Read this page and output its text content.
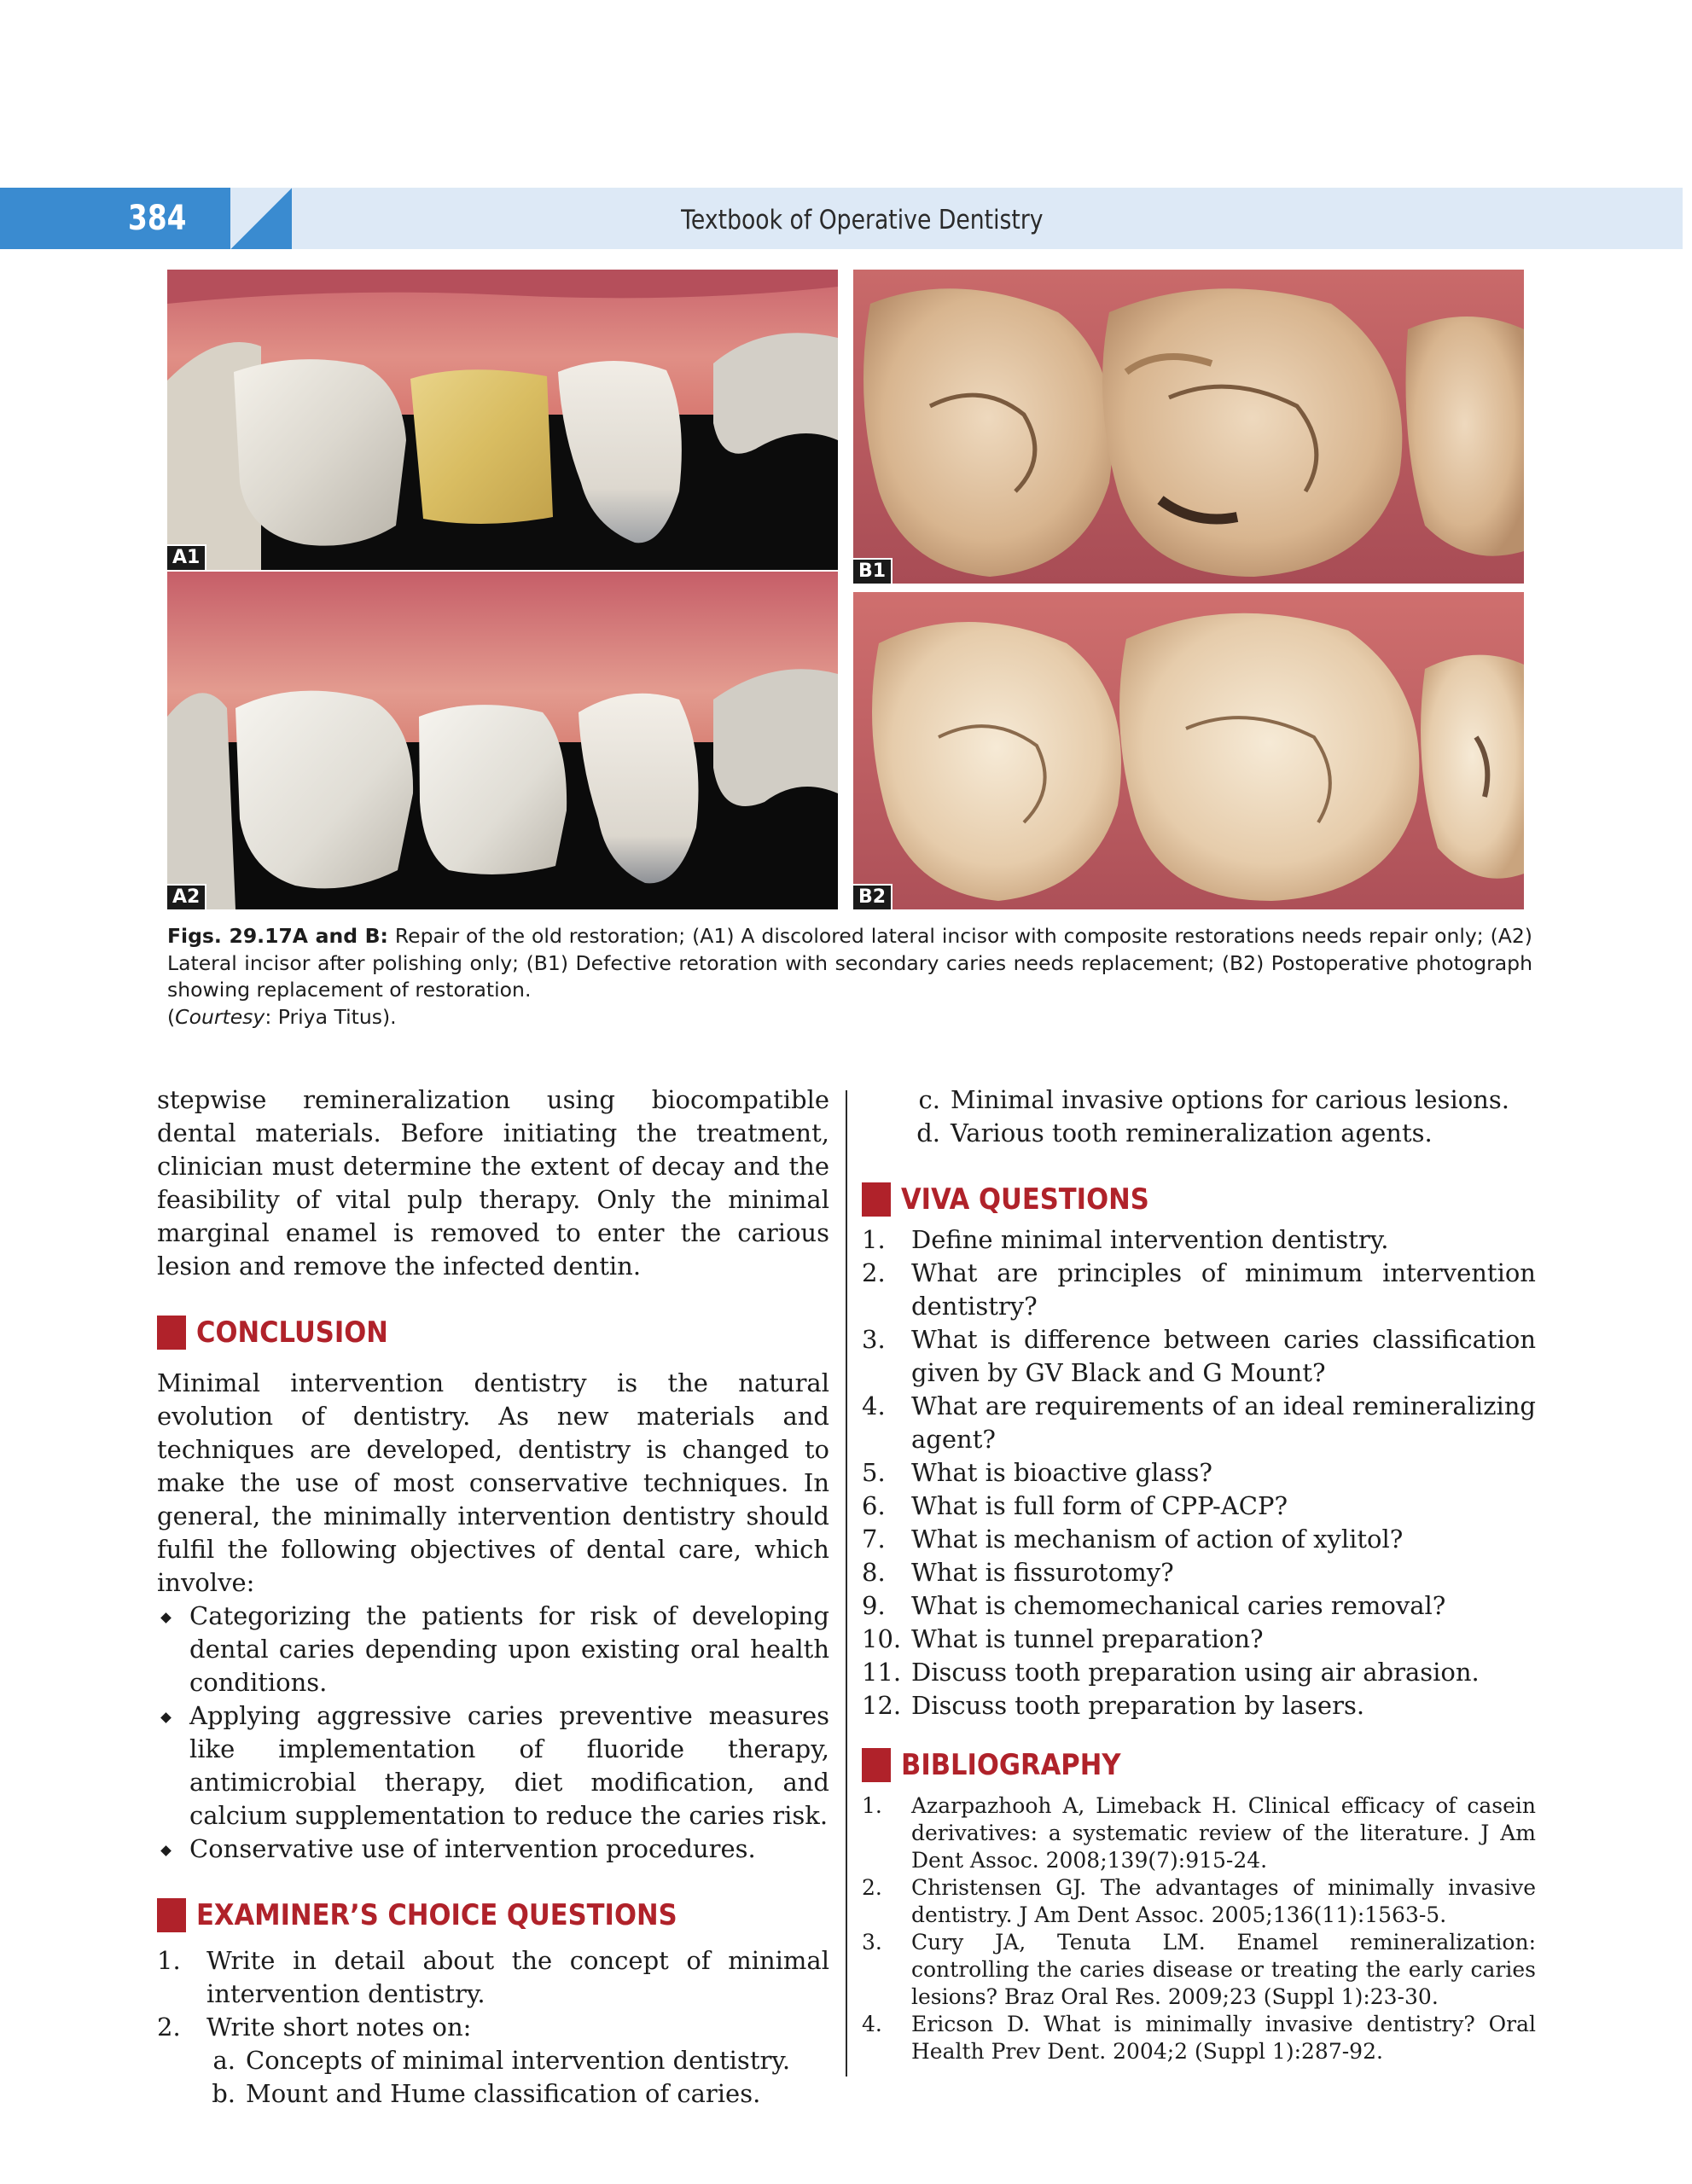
384	Textbook of Operative Dentistry
A1
A2
B1
B2
Figs. 29.17A and B: Repair of the old restoration; (A1) A discolored lateral incisor with composite restorations needs repair only; (A2) Lateral incisor after polishing only; (B1) Defective retoration with secondary caries needs replacement; (B2) Postoperative photograph showing replacement of restoration.
(Courtesy: Priya Titus).

stepwise remineralization using biocompatible dental materials. Before initiating the treatment, clinician must determine the extent of decay and the feasibility of vital pulp therapy. Only the minimal marginal enamel is removed to enter the carious lesion and remove the infected dentin.

CONCLUSION

Minimal intervention dentistry is the natural evolution of dentistry. As new materials and techniques are developed, dentistry is changed to make the use of most conservative techniques. In general, the minimally intervention dentistry should fulfil the following objectives of dental care, which involve:

Categorizing the patients for risk of developing dental caries depending upon existing oral health conditions.
Applying aggressive caries preventive measures like implementation of fluoride therapy, antimicrobial therapy, diet modification, and calcium supplementation to reduce the caries risk.
Conservative use of intervention procedures.
EXAMINER’S CHOICE QUESTIONS
1.	Write in detail about the concept of minimal intervention dentistry.
2.	Write short notes on:
a. Concepts of minimal intervention dentistry.
b. Mount and Hume classification of caries.
c. Minimal invasive options for carious lesions.
d. Various tooth remineralization agents.
VIVA QUESTIONS
1.	Define minimal intervention dentistry.
2.	What are principles of minimum intervention dentistry?
3.	What is difference between caries classification given by GV Black and G Mount?
4.	What are requirements of an ideal remineralizing agent?
5.	What is bioactive glass?
6.	What is full form of CPP-ACP?
7.	What is mechanism of action of xylitol?
8.	What is fissurotomy?
9.	What is chemomechanical caries removal?
10. What is tunnel preparation?
11. Discuss tooth preparation using air abrasion.
12. Discuss tooth preparation by lasers.
BIBLIOGRAPHY
1.	Azarpazhooh A, Limeback H. Clinical efficacy of casein derivatives: a systematic review of the literature. J Am Dent Assoc. 2008;139(7):915-24.
2.	Christensen GJ. The advantages of minimally invasive dentistry. J Am Dent Assoc. 2005;136(11):1563-5.
3.	Cury JA, Tenuta LM. Enamel remineralization: controlling the caries disease or treating the early caries lesions? Braz Oral Res. 2009;23 (Suppl 1):23-30.
4.	Ericson D. What is minimally invasive dentistry? Oral Health Prev Dent. 2004;2 (Suppl 1):287-92.
